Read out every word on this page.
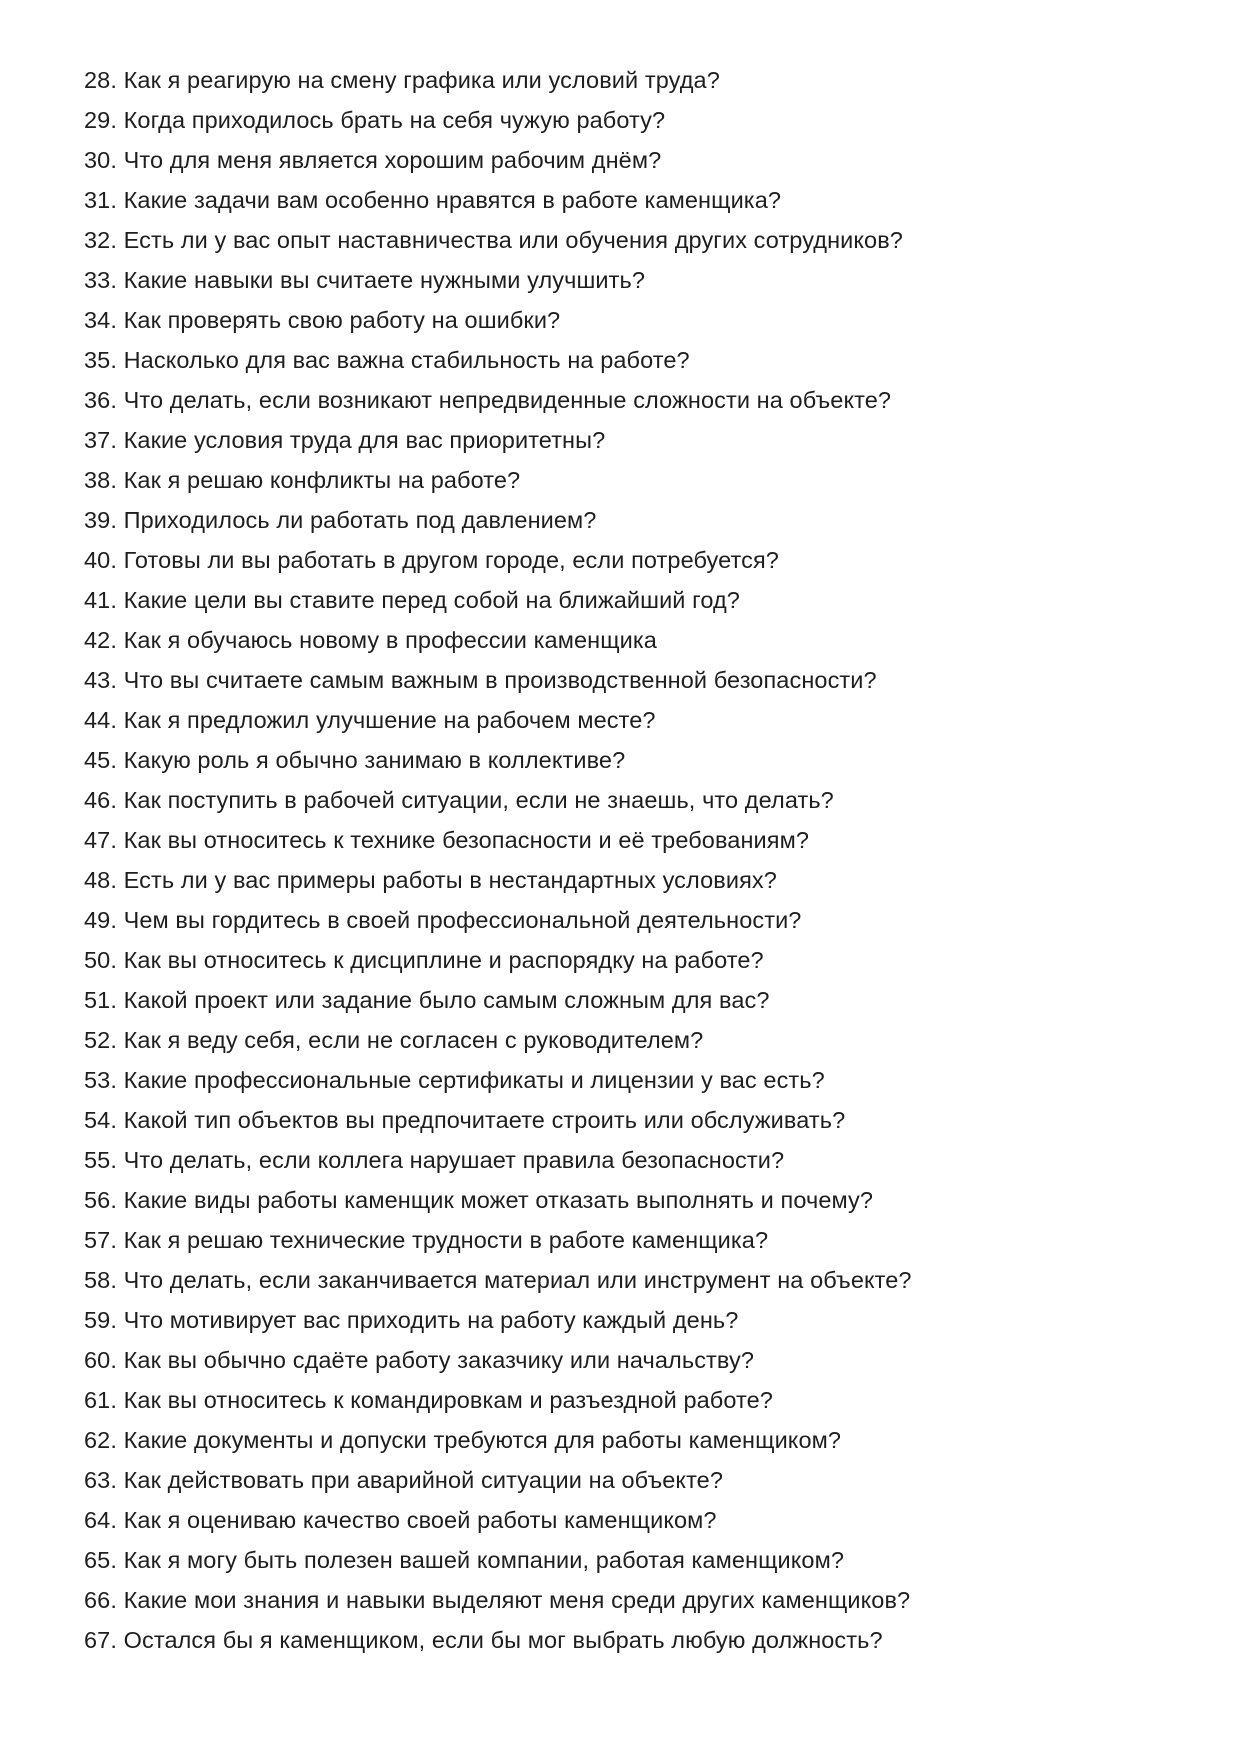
28. Как я реагирую на смену графика или условий труда?
29. Когда приходилось брать на себя чужую работу?
30. Что для меня является хорошим рабочим днём?
31. Какие задачи вам особенно нравятся в работе каменщика?
32. Есть ли у вас опыт наставничества или обучения других сотрудников?
33. Какие навыки вы считаете нужными улучшить?
34. Как проверять свою работу на ошибки?
35. Насколько для вас важна стабильность на работе?
36. Что делать, если возникают непредвиденные сложности на объекте?
37. Какие условия труда для вас приоритетны?
38. Как я решаю конфликты на работе?
39. Приходилось ли работать под давлением?
40. Готовы ли вы работать в другом городе, если потребуется?
41. Какие цели вы ставите перед собой на ближайший год?
42. Как я обучаюсь новому в профессии каменщика
43. Что вы считаете самым важным в производственной безопасности?
44. Как я предложил улучшение на рабочем месте?
45. Какую роль я обычно занимаю в коллективе?
46. Как поступить в рабочей ситуации, если не знаешь, что делать?
47. Как вы относитесь к технике безопасности и её требованиям?
48. Есть ли у вас примеры работы в нестандартных условиях?
49. Чем вы гордитесь в своей профессиональной деятельности?
50. Как вы относитесь к дисциплине и распорядку на работе?
51. Какой проект или задание было самым сложным для вас?
52. Как я веду себя, если не согласен с руководителем?
53. Какие профессиональные сертификаты и лицензии у вас есть?
54. Какой тип объектов вы предпочитаете строить или обслуживать?
55. Что делать, если коллега нарушает правила безопасности?
56. Какие виды работы каменщик может отказать выполнять и почему?
57. Как я решаю технические трудности в работе каменщика?
58. Что делать, если заканчивается материал или инструмент на объекте?
59. Что мотивирует вас приходить на работу каждый день?
60. Как вы обычно сдаёте работу заказчику или начальству?
61. Как вы относитесь к командировкам и разъездной работе?
62. Какие документы и допуски требуются для работы каменщиком?
63. Как действовать при аварийной ситуации на объекте?
64. Как я оцениваю качество своей работы каменщиком?
65. Как я могу быть полезен вашей компании, работая каменщиком?
66. Какие мои знания и навыки выделяют меня среди других каменщиков?
67. Остался бы я каменщиком, если бы мог выбрать любую должность?
